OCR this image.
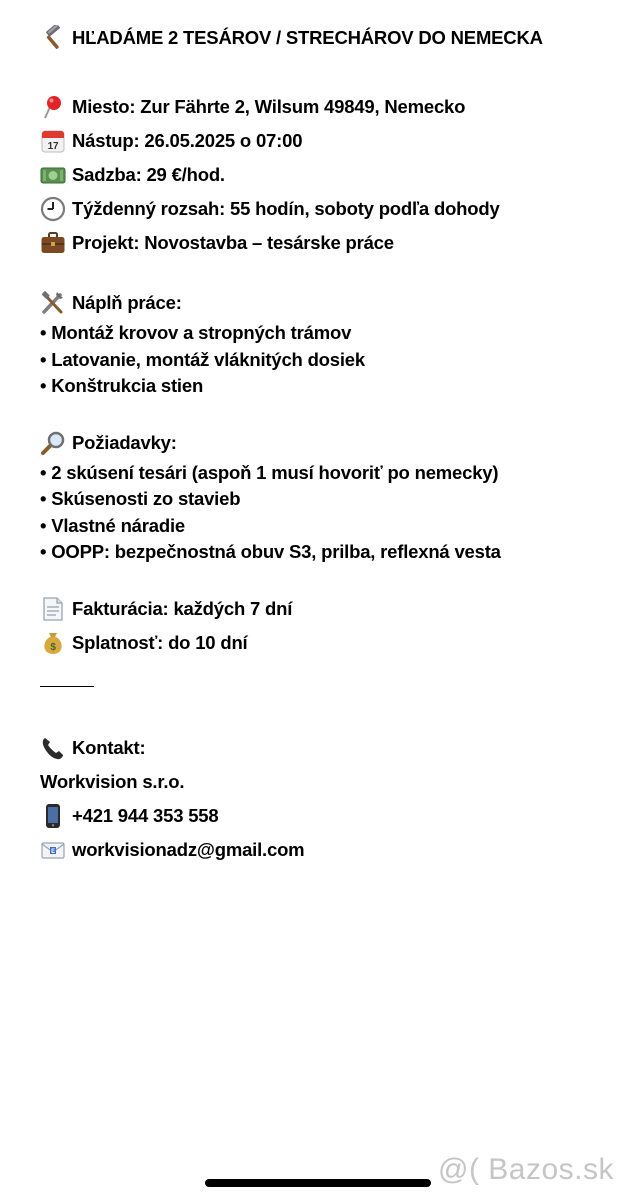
HĽADÁME 2 TESÁROV / STRECHÁROV DO NEMECKA
Miesto: Zur Fährte 2, Wilsum 49849, Nemecko
17 Nástup: 26.05.2025 o 07:00
Sadzba: 29 €/hod.
Týždenný rozsah: 55 hodín, soboty podľa dohody
Projekt: Novostavba – tesárske práce
Náplň práce:
• Montáž krovov a stropných trámov
• Latovanie, montáž vláknitých dosiek
• Konštrukcia stien
Požiadavky:
• 2 skúsení tesári (aspoň 1 musí hovoriť po nemecky)
• Skúsenosti zo stavieb
• Vlastné náradie
• OOPP: bezpečnostná obuv S3, prilba, reflexná vesta
Fakturácia: každých 7 dní
$ Splatnosť: do 10 dní
Kontakt:
Workvision s.r.o.
+421 944 353 558
E workvisionadz@gmail.com
@( Bazos.sk
